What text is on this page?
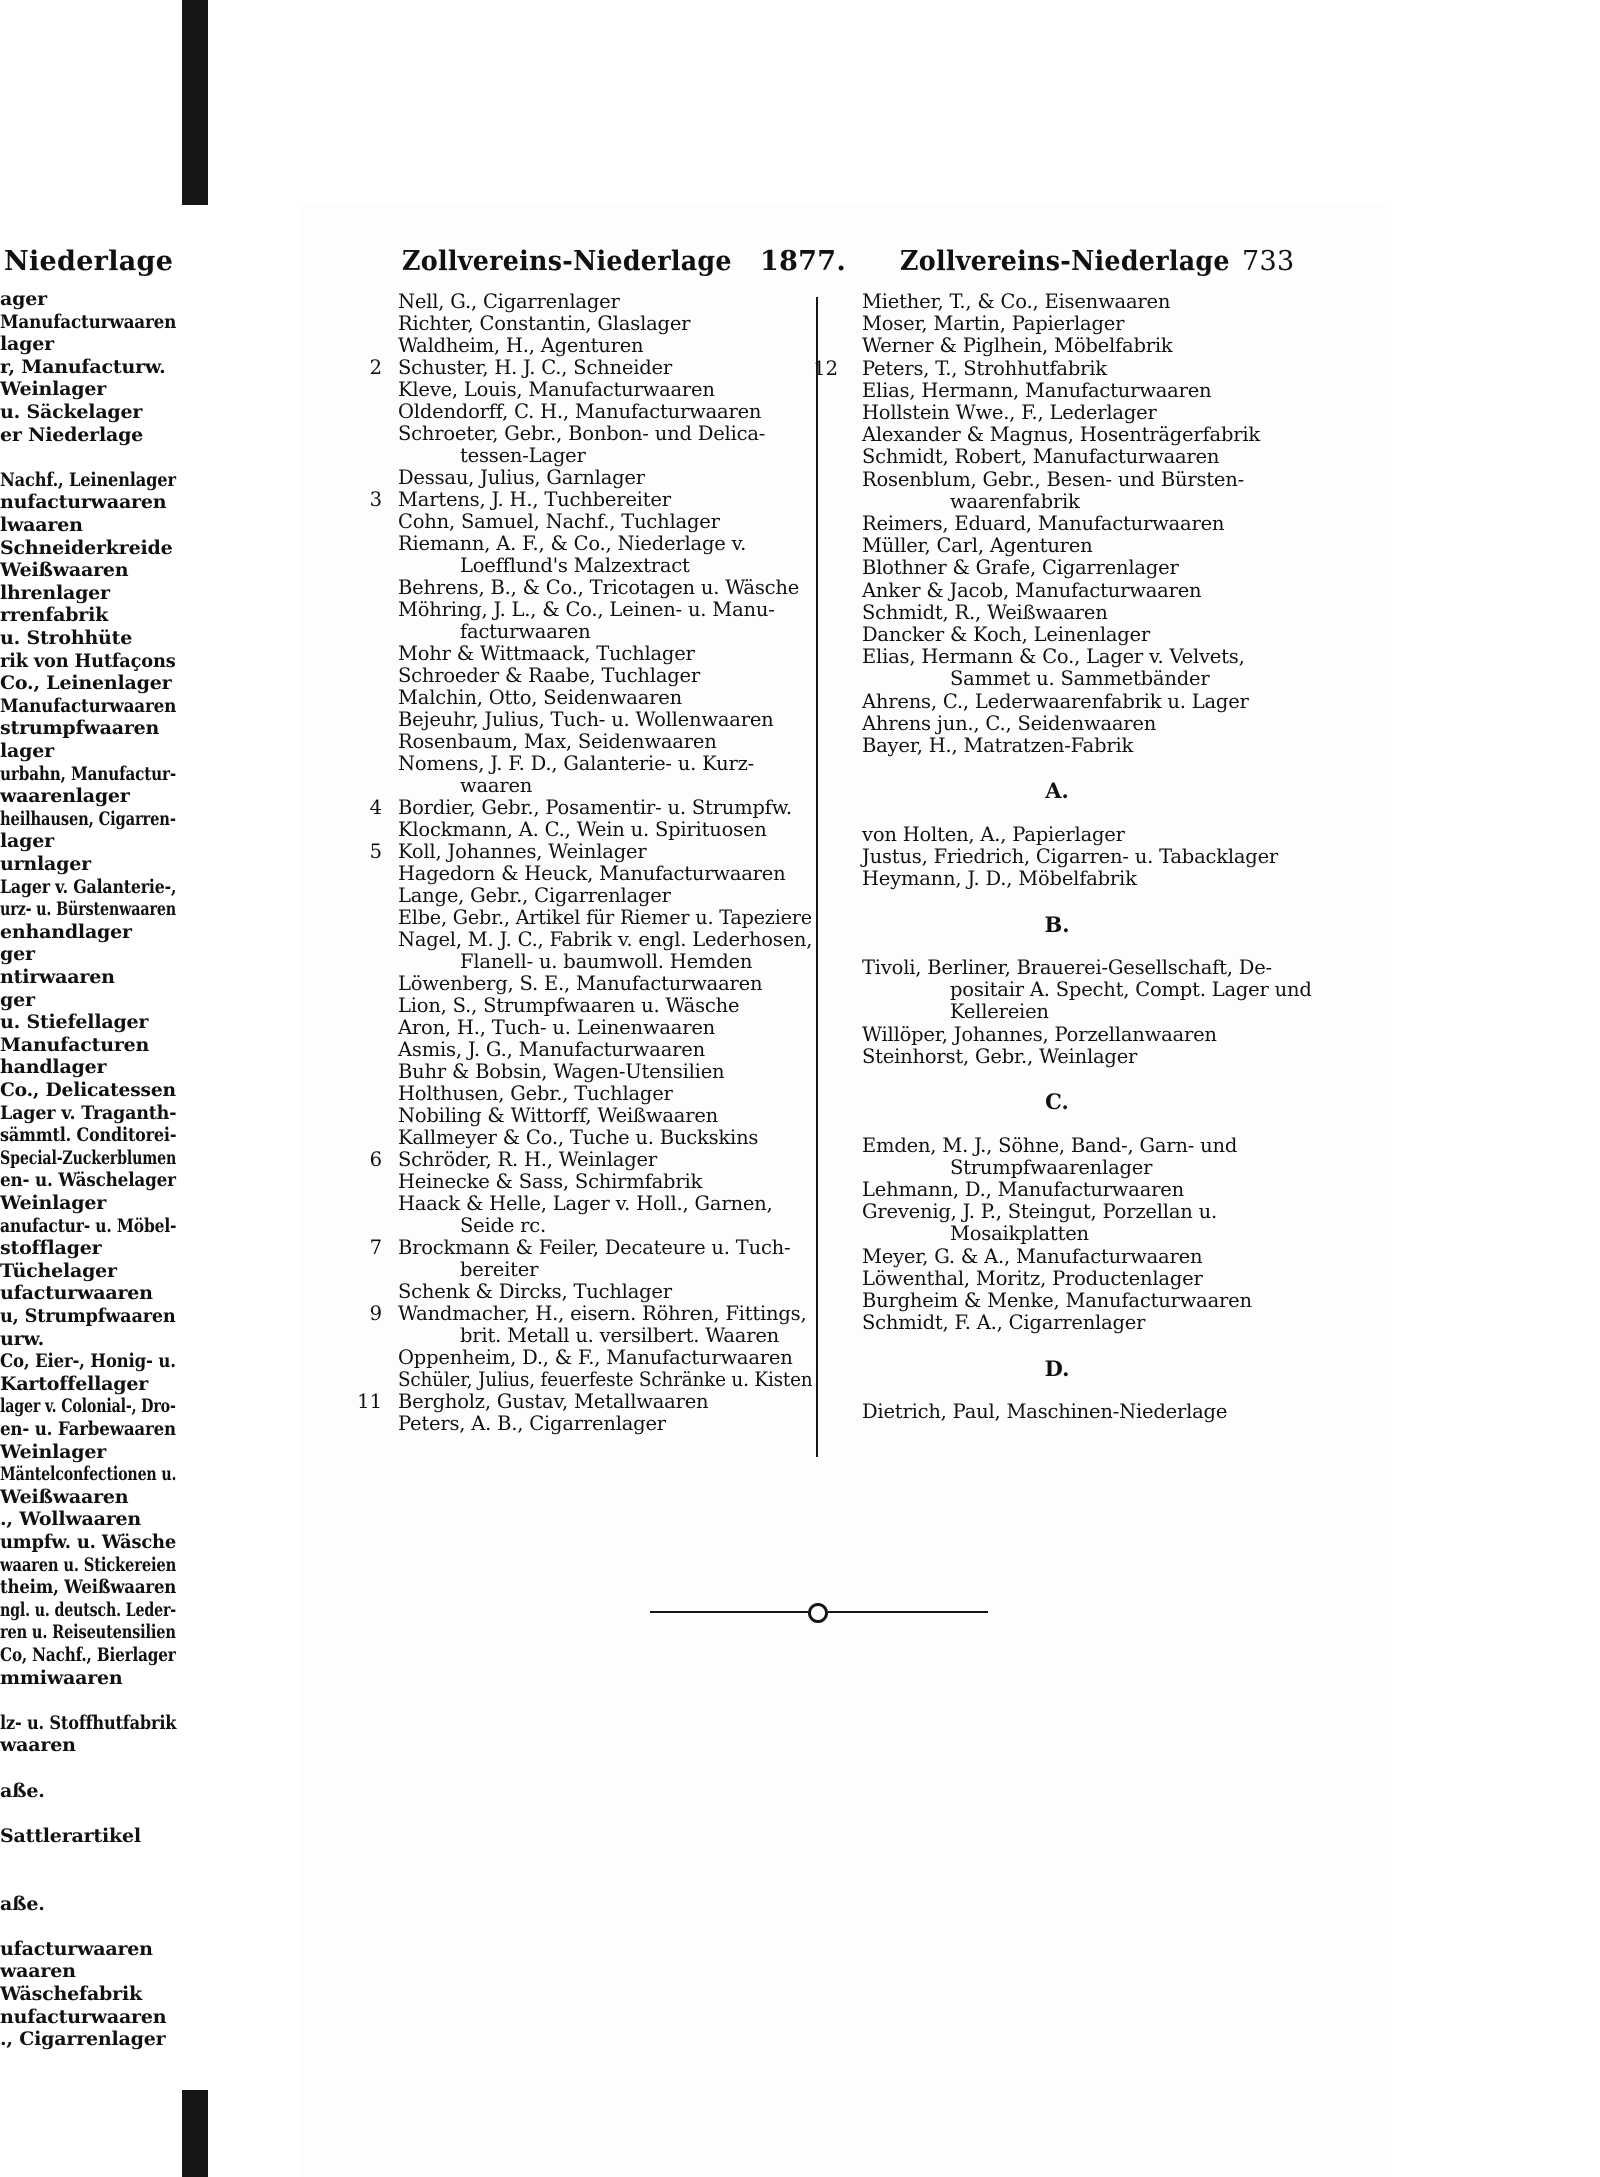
Niederlage
ager
Manufacturwaaren
lager
r, Manufacturw.
Weinlager
u. Säckelager
er Niederlage
Nachf., Leinenlager
nufacturwaaren
lwaaren
Schneiderkreide
Weißwaaren
lhrenlager
rrenfabrik
u. Strohhüte
rik von Hutfaçons
Co., Leinenlager
Manufacturwaaren
strumpfwaaren
lager
urbahn, Manufactur-
waarenlager
heilhausen, Cigarren-
lager
urnlager
Lager v. Galanterie-,
urz- u. Bürstenwaaren
enhandlager
ger
ntirwaaren
ger
u. Stiefellager
Manufacturen
handlager
Co., Delicatessen
Lager v. Traganth-
sämmtl. Conditorei-
Special-Zuckerblumen
en- u. Wäschelager
Weinlager
anufactur- u. Möbel-
stofflager
Tüchelager
ufacturwaaren
u, Strumpfwaaren
urw.
Co, Eier-, Honig- u.
Kartoffellager
lager v. Colonial-, Dro-
en- u. Farbewaaren
Weinlager
Mäntelconfectionen u.
Weißwaaren
., Wollwaaren
umpfw. u. Wäsche
waaren u. Stickereien
theim, Weißwaaren
ngl. u. deutsch. Leder-
ren u. Reiseutensilien
Co, Nachf., Bierlager
mmiwaaren
lz- u. Stoffhutfabrik
waaren
aße.
Sattlerartikel
aße.
ufacturwaaren
waaren
Wäschefabrik
nufacturwaaren
., Cigarrenlager
Zollvereins-Niederlage 1877. Zollvereins-Niederlage 733
Nell, G., Cigarrenlager
Richter, Constantin, Glaslager
Waldheim, H., Agenturen
2 Schuster, H. J. C., Schneider
Kleve, Louis, Manufacturwaaren
Oldendorff, C. H., Manufacturwaaren
Schroeter, Gebr., Bonbon- und Delica-
tessen-Lager
Dessau, Julius, Garnlager
3 Martens, J. H., Tuchbereiter
Cohn, Samuel, Nachf., Tuchlager
Riemann, A. F., & Co., Niederlage v.
Loefflund's Malzextract
Behrens, B., & Co., Tricotagen u. Wäsche
Möhring, J. L., & Co., Leinen- u. Manu-
facturwaaren
Mohr & Wittmaack, Tuchlager
Schroeder & Raabe, Tuchlager
Malchin, Otto, Seidenwaaren
Bejeuhr, Julius, Tuch- u. Wollenwaaren
Rosenbaum, Max, Seidenwaaren
Nomens, J. F. D., Galanterie- u. Kurz-
waaren
4 Bordier, Gebr., Posamentir- u. Strumpfw.
Klockmann, A. C., Wein u. Spirituosen
5 Koll, Johannes, Weinlager
Hagedorn & Heuck, Manufacturwaaren
Lange, Gebr., Cigarrenlager
Elbe, Gebr., Artikel für Riemer u. Tapeziere
Nagel, M. J. C., Fabrik v. engl. Lederhosen,
Flanell- u. baumwoll. Hemden
Löwenberg, S. E., Manufacturwaaren
Lion, S., Strumpfwaaren u. Wäsche
Aron, H., Tuch- u. Leinenwaaren
Asmis, J. G., Manufacturwaaren
Buhr & Bobsin, Wagen-Utensilien
Holthusen, Gebr., Tuchlager
Nobiling & Wittorff, Weißwaaren
Kallmeyer & Co., Tuche u. Buckskins
6 Schröder, R. H., Weinlager
Heinecke & Sass, Schirmfabrik
Haack & Helle, Lager v. Holl., Garnen,
Seide rc.
7 Brockmann & Feiler, Decateure u. Tuch-
bereiter
Schenk & Dircks, Tuchlager
9 Wandmacher, H., eisern. Röhren, Fittings,
brit. Metall u. versilbert. Waaren
Oppenheim, D., & F., Manufacturwaaren
Schüler, Julius, feuerfeste Schränke u. Kisten
11 Bergholz, Gustav, Metallwaaren
Peters, A. B., Cigarrenlager
Miether, T., & Co., Eisenwaaren
Moser, Martin, Papierlager
Werner & Piglhein, Möbelfabrik
12 Peters, T., Strohhutfabrik
Elias, Hermann, Manufacturwaaren
Hollstein Wwe., F., Lederlager
Alexander & Magnus, Hosenträgerfabrik
Schmidt, Robert, Manufacturwaaren
Rosenblum, Gebr., Besen- und Bürsten-
waarenfabrik
Reimers, Eduard, Manufacturwaaren
Müller, Carl, Agenturen
Blothner & Grafe, Cigarrenlager
Anker & Jacob, Manufacturwaaren
Schmidt, R., Weißwaaren
Dancker & Koch, Leinenlager
Elias, Hermann & Co., Lager v. Velvets,
Sammet u. Sammetbänder
Ahrens, C., Lederwaarenfabrik u. Lager
Ahrens jun., C., Seidenwaaren
Bayer, H., Matratzen-Fabrik
A.
von Holten, A., Papierlager
Justus, Friedrich, Cigarren- u. Tabacklager
Heymann, J. D., Möbelfabrik
B.
Tivoli, Berliner, Brauerei-Gesellschaft, De-
positair A. Specht, Compt. Lager und
Kellereien
Willöper, Johannes, Porzellanwaaren
Steinhorst, Gebr., Weinlager
C.
Emden, M. J., Söhne, Band-, Garn- und
Strumpfwaarenlager
Lehmann, D., Manufacturwaaren
Grevenig, J. P., Steingut, Porzellan u.
Mosaikplatten
Meyer, G. & A., Manufacturwaaren
Löwenthal, Moritz, Productenlager
Burgheim & Menke, Manufacturwaaren
Schmidt, F. A., Cigarrenlager
D.
Dietrich, Paul, Maschinen-Niederlage
